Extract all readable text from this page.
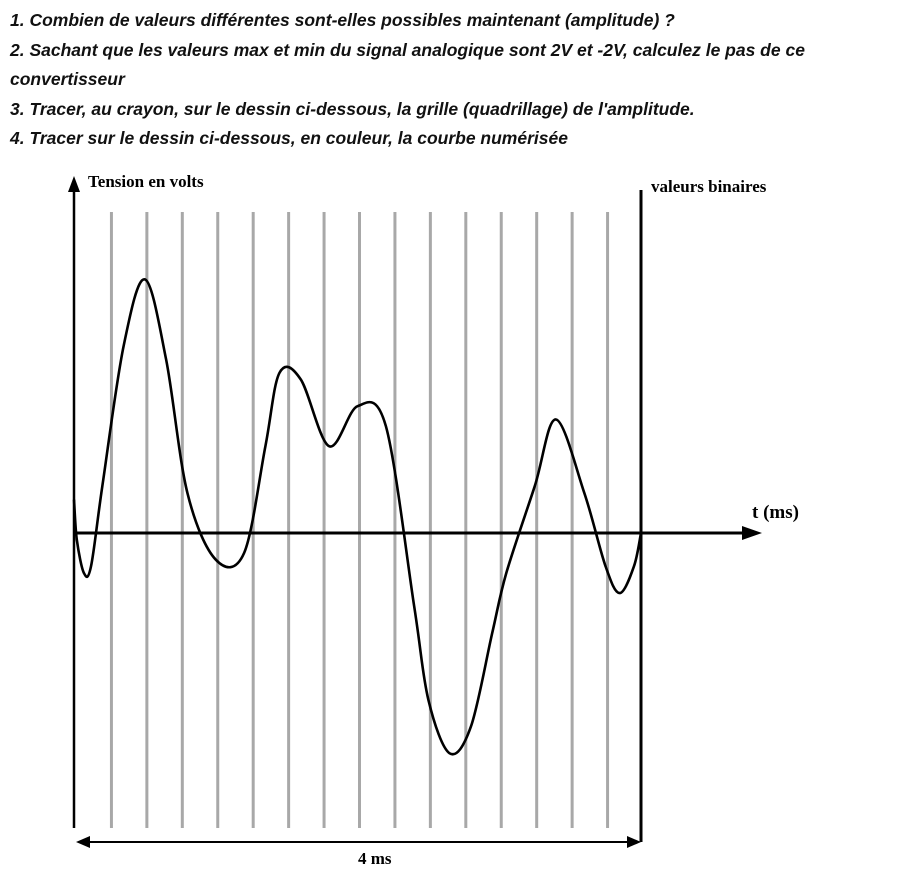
1. Combien de valeurs différentes sont-elles possibles maintenant (amplitude) ?

2. Sachant que les valeurs max et min du signal analogique sont 2V et -2V, calculez le pas de ce convertisseur

3. Tracer, au crayon, sur le dessin ci-dessous, la grille (quadrillage) de l'amplitude.

4. Tracer sur le dessin ci-dessous, en couleur, la courbe numérisée

Tension en volts	valeurs binaires
t (ms)
4 ms
